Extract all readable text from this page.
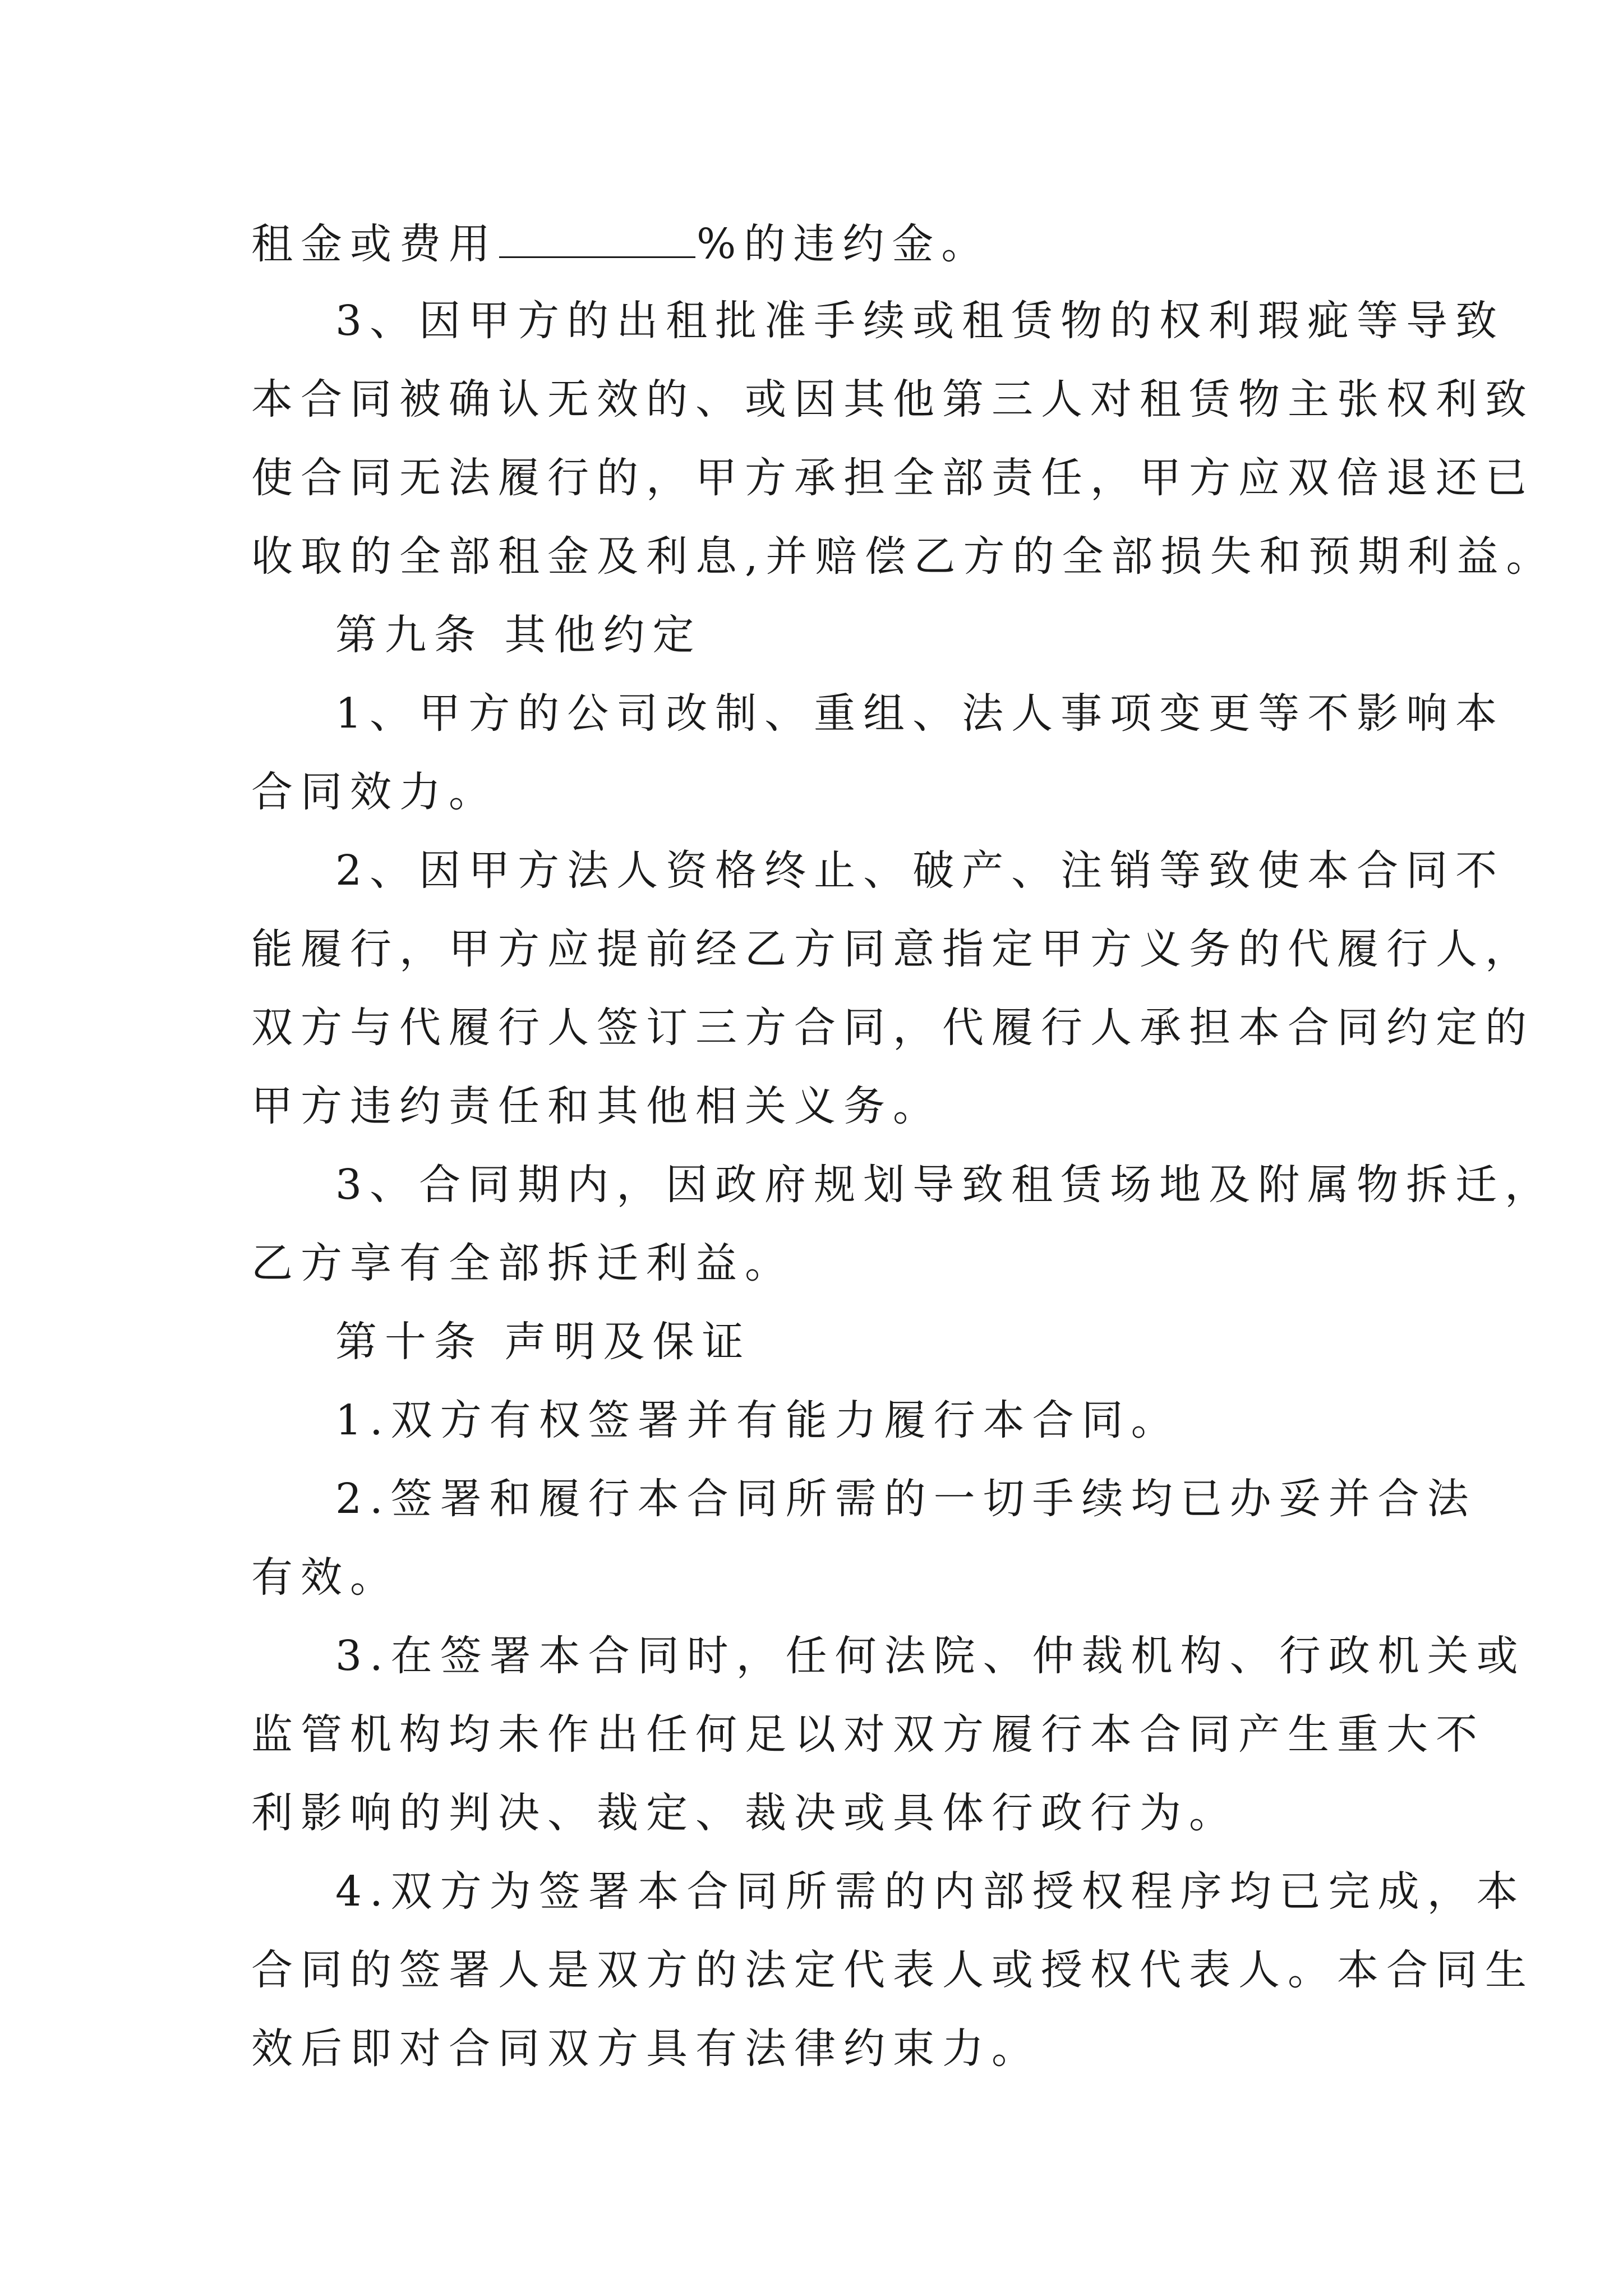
租金或费用	%的违约金。
3、因甲方的出租批准手续或租赁物的权利瑕疵等导致
本合同被确认无效的、或因其他第三人对租赁物主张权利致
使合同无法履行的，甲方承担全部责任，甲方应双倍退还已
收取的全部租金及利息,并赔偿乙方的全部损失和预期利益。
第九条 其他约定
1、甲方的公司改制、重组、法人事项变更等不影响本
合同效力。
2、因甲方法人资格终止、破产、注销等致使本合同不
能履行，甲方应提前经乙方同意指定甲方义务的代履行人，
双方与代履行人签订三方合同，代履行人承担本合同约定的
甲方违约责任和其他相关义务。
3、合同期内，因政府规划导致租赁场地及附属物拆迁，
乙方享有全部拆迁利益。
第十条 声明及保证
1.双方有权签署并有能力履行本合同。
2.签署和履行本合同所需的一切手续均已办妥并合法
有效。
3.在签署本合同时，任何法院、仲裁机构、行政机关或
监管机构均未作出任何足以对双方履行本合同产生重大不
利影响的判决、裁定、裁决或具体行政行为。
4.双方为签署本合同所需的内部授权程序均已完成，本
合同的签署人是双方的法定代表人或授权代表人。本合同生
效后即对合同双方具有法律约束力。
